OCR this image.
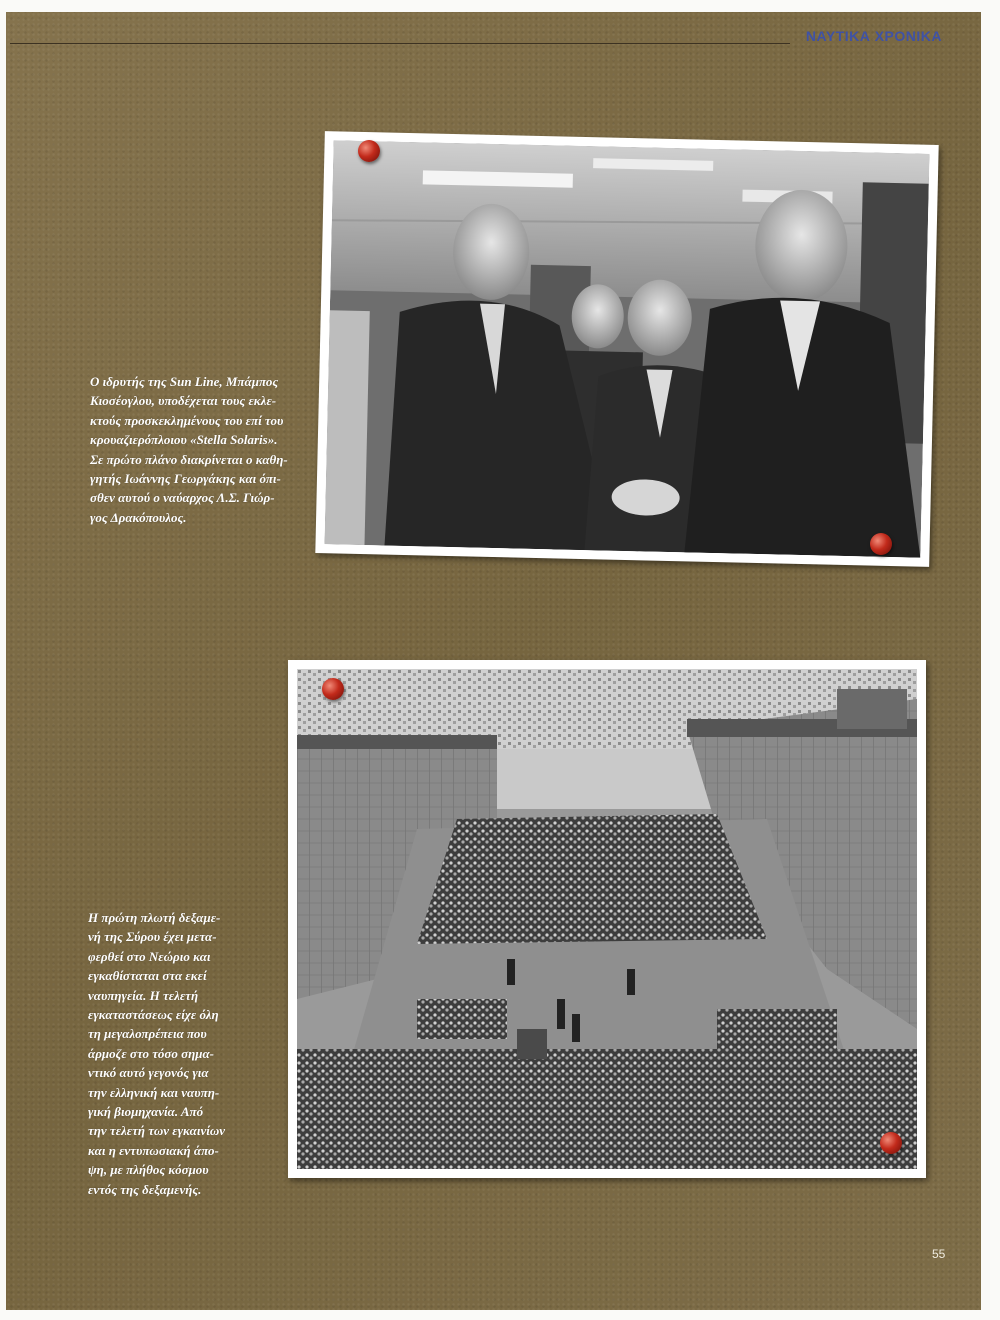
ΝΑΥΤΙΚΑ ΧΡΟΝΙΚΑ

Ο ιδρυτής της Sun Line, Μπάμπος

Κιοσέογλου, υποδέχεται τους εκλε-

κτούς προσκεκλημένους του επί του

κρουαζιερόπλοιου «Stella Solaris».

Σε πρώτο πλάνο διακρίνεται ο καθη-

γητής Ιωάννης Γεωργάκης και όπι-

σθεν αυτού ο ναύαρχος Λ.Σ. Γιώρ-

γος Δρακόπουλος.

Η πρώτη πλωτή δεξαμε-

νή της Σύρου έχει μετα-

φερθεί στο Νεώριο και

εγκαθίσταται στα εκεί

ναυπηγεία. Η τελετή

εγκαταστάσεως είχε όλη

τη μεγαλοπρέπεια που

άρμοζε στο τόσο σημα-

ντικό αυτό γεγονός για

την ελληνική και ναυπη-

γική βιομηχανία. Από

την τελετή των εγκαινίων

και η εντυπωσιακή άπο-

ψη, με πλήθος κόσμου

εντός της δεξαμενής.

55
